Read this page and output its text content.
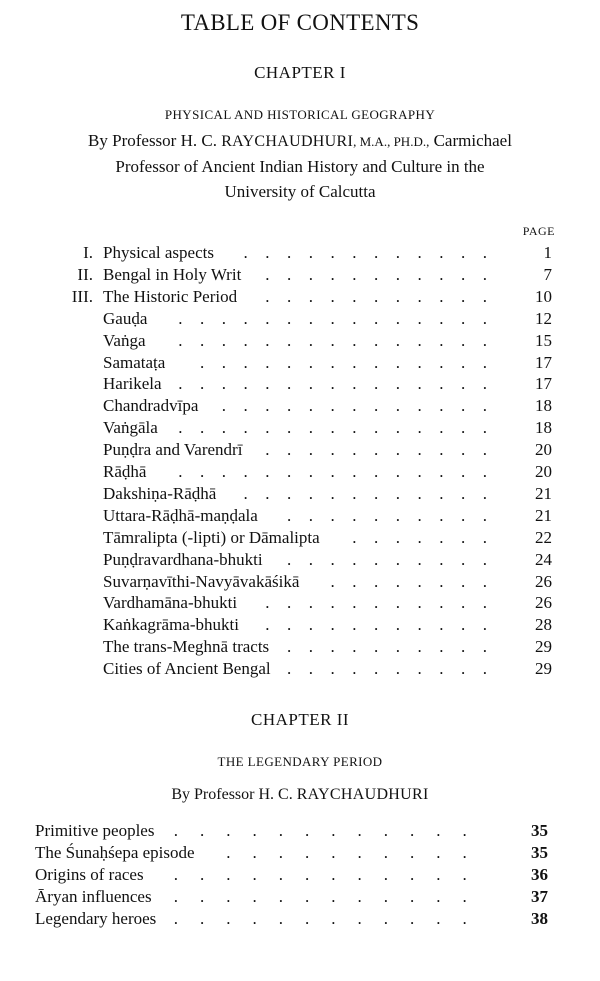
TABLE OF CONTENTS
CHAPTER I
PHYSICAL AND HISTORICAL GEOGRAPHY
By Professor H. C. RAYCHAUDHURI, M.A., PH.D., Carmichael
Professor of Ancient Indian History and Culture in the
University of Calcutta
PAGE
I. Physical aspects ............	1
II. Bengal in Holy Writ ...........	7
III. The Historic Period ...........	10
Gauḍa ...............	12
Vaṅga ...............	15
Samataṭa ..............	17
Harikela ...............	17
Chandradvīpa .............	18
Vaṅgāla ...............	18
Puṇḍra and Varendrī ...........	20
Rāḍhā ...............	20
Dakshiṇa-Rāḍhā ............	21
Uttara-Rāḍhā-maṇḍala ..........	21
Tāmralipta (-lipti) or Dāmalipta .......	22
Puṇḍravardhana-bhukti ..........	24
Suvarṇavīthi-Navyāvakāśikā ........	26
Vardhamāna-bhukti ...........	26
Kaṅkagrāma-bhukti ...........	28
The trans-Meghnā tracts ..........	29
Cities of Ancient Bengal ..........	29
CHAPTER II
THE LEGENDARY PERIOD
By Professor H. C. RAYCHAUDHURI
Primitive peoples ............	35
The Śunaḥśepa episode ..........	35
Origins of races ............	36
Āryan influences ............	37
Legendary heroes ............	38
